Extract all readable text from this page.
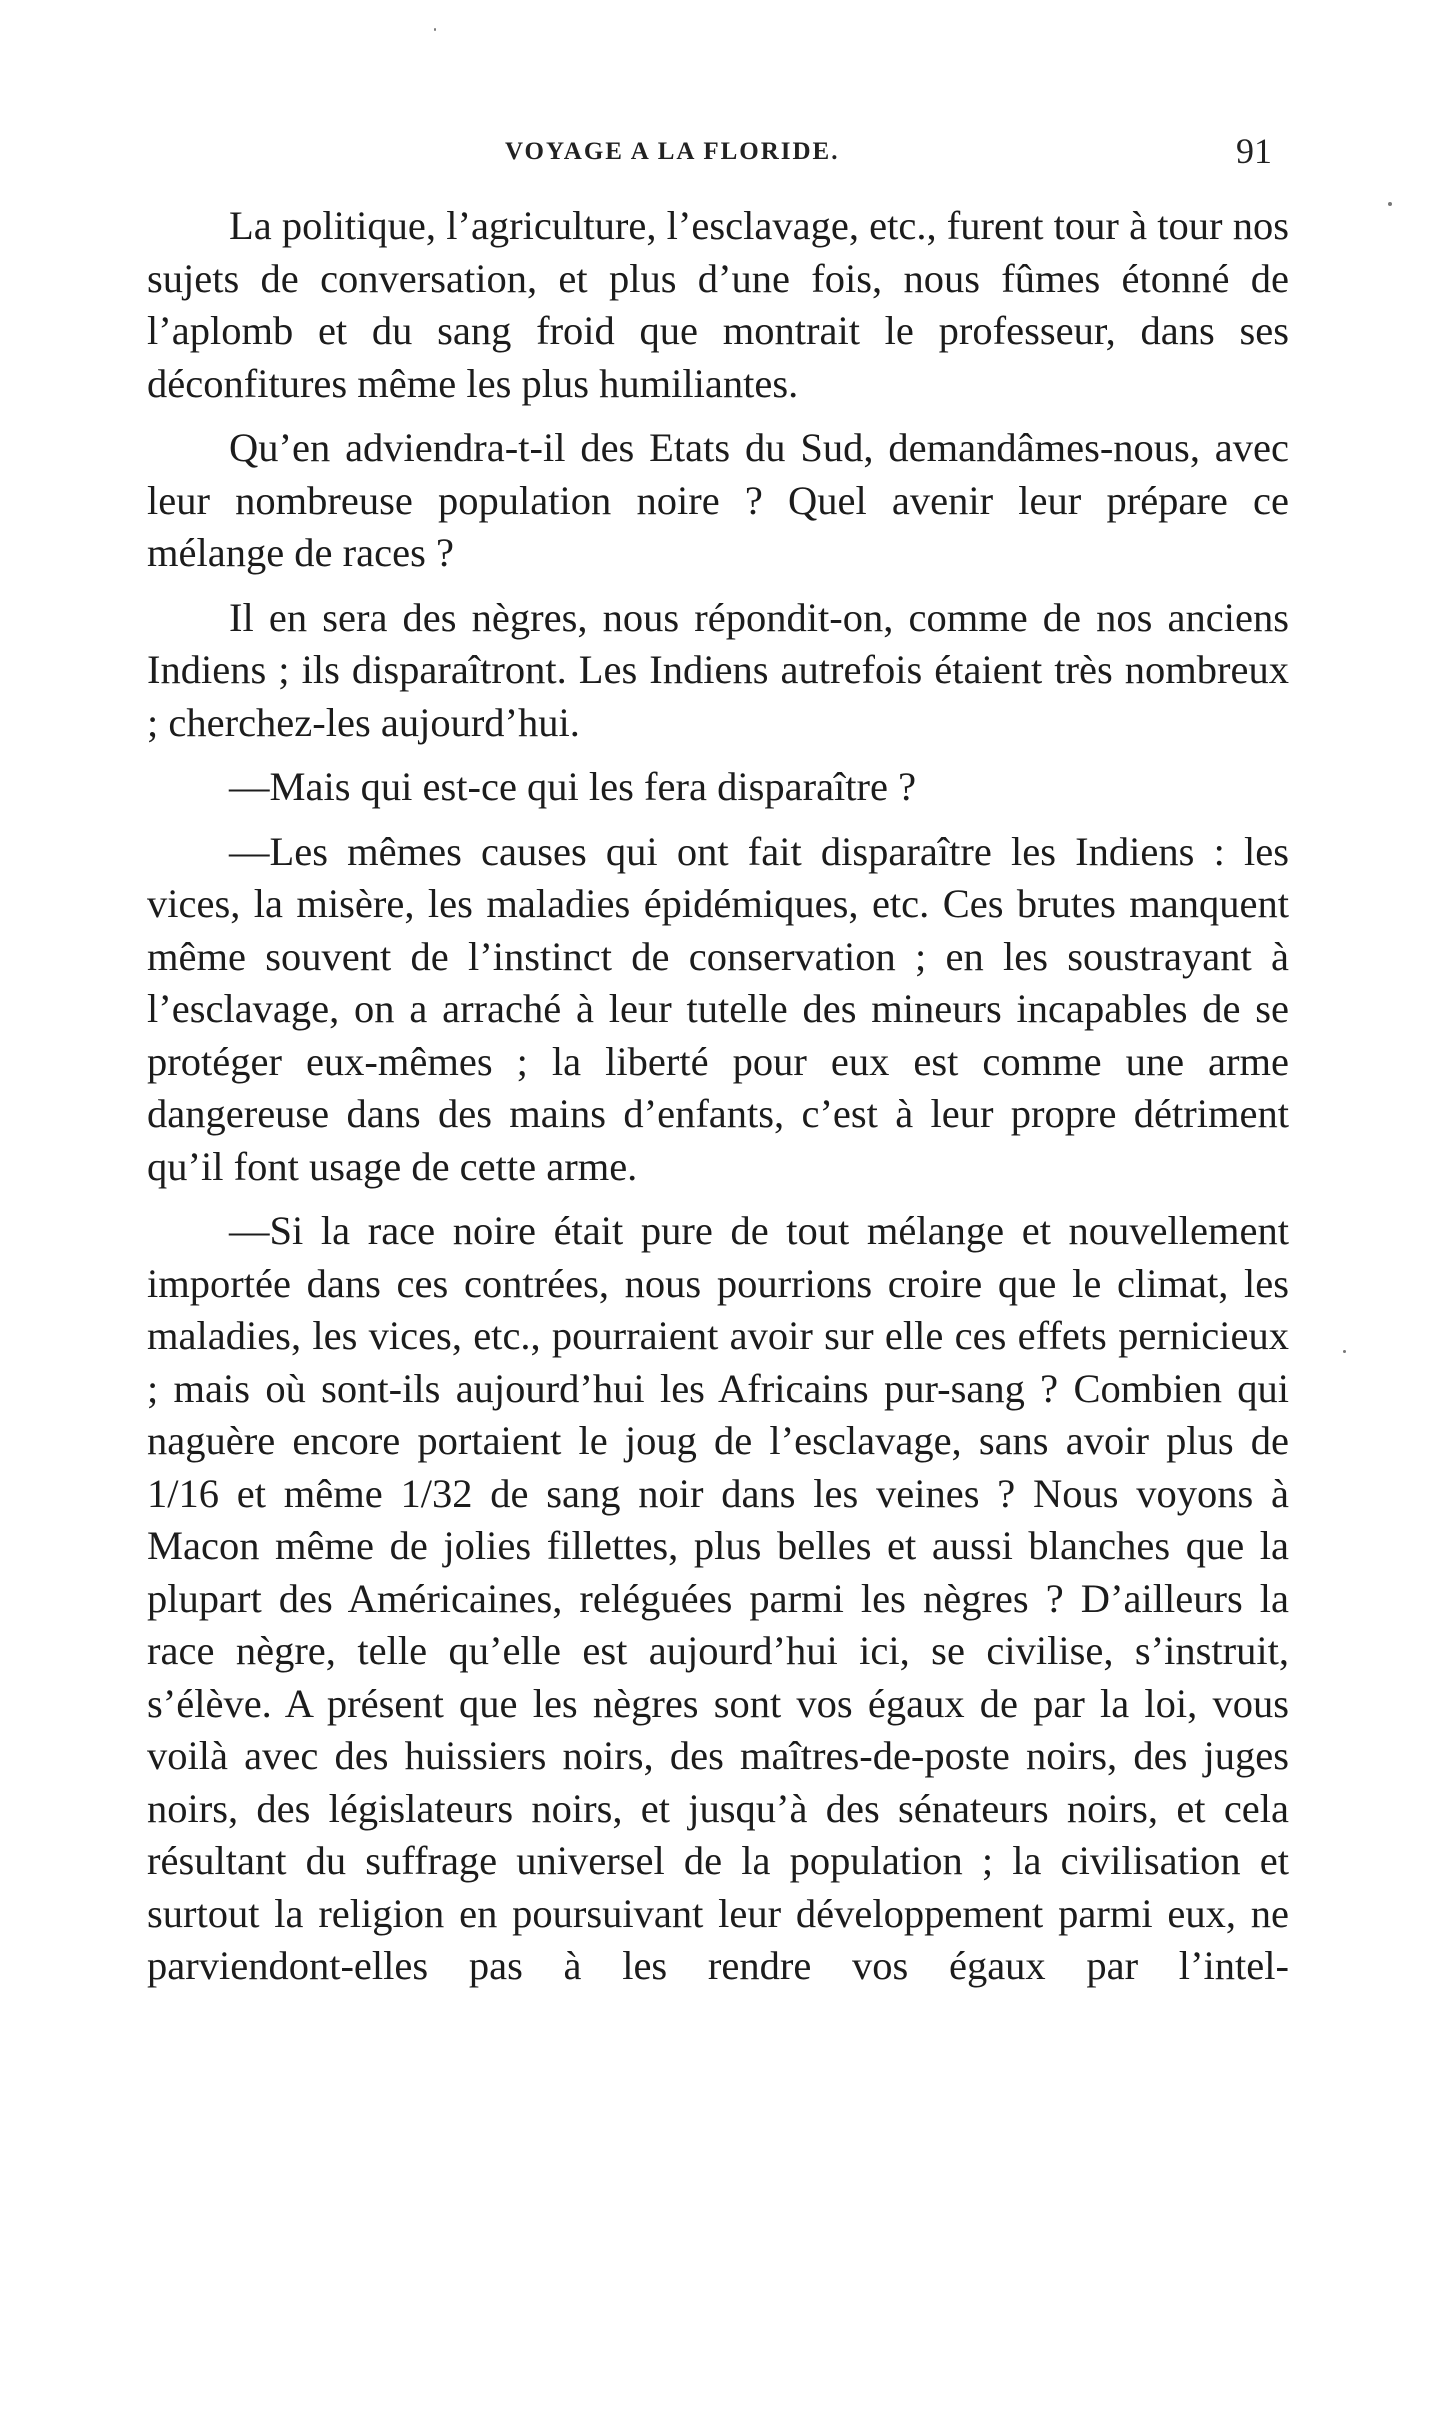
VOYAGE A LA FLORIDE.	91

La politique, l’agriculture, l’esclavage, etc., furent tour à tour nos sujets de conversation, et plus d’une fois, nous fûmes étonné de l’aplomb et du sang froid que montrait le professeur, dans ses déconfitures même les plus humiliantes.

Qu’en adviendra-t-il des Etats du Sud, demandâmes-nous, avec leur nombreuse population noire ? Quel avenir leur prépare ce mélange de races ?

Il en sera des nègres, nous répondit-on, comme de nos anciens Indiens ; ils disparaîtront. Les Indiens autrefois étaient très nombreux ; cherchez-les aujourd’hui.

—Mais qui est-ce qui les fera disparaître ?

—Les mêmes causes qui ont fait disparaître les Indiens : les vices, la misère, les maladies épidémiques, etc. Ces brutes manquent même souvent de l’instinct de conservation ; en les soustrayant à l’esclavage, on a arraché à leur tutelle des mineurs incapables de se protéger eux-mêmes ; la liberté pour eux est comme une arme dangereuse dans des mains d’enfants, c’est à leur propre détriment qu’il font usage de cette arme.

—Si la race noire était pure de tout mélange et nouvellement importée dans ces contrées, nous pourrions croire que le climat, les maladies, les vices, etc., pourraient avoir sur elle ces effets pernicieux ; mais où sont-ils aujourd’hui les Africains pur-sang ? Combien qui naguère encore portaient le joug de l’esclavage, sans avoir plus de 1/16 et même 1/32 de sang noir dans les veines ? Nous voyons à Macon même de jolies fillettes, plus belles et aussi blanches que la plupart des Américaines, reléguées parmi les nègres ? D’ailleurs la race nègre, telle qu’elle est aujourd’hui ici, se civilise, s’instruit, s’élève. A présent que les nègres sont vos égaux de par la loi, vous voilà avec des huissiers noirs, des maîtres-de-poste noirs, des juges noirs, des législateurs noirs, et jusqu’à des sénateurs noirs, et cela résultant du suffrage universel de la population ; la civilisation et surtout la religion en poursuivant leur développement parmi eux, ne parviendont-elles pas à les rendre vos égaux par l’intel-
